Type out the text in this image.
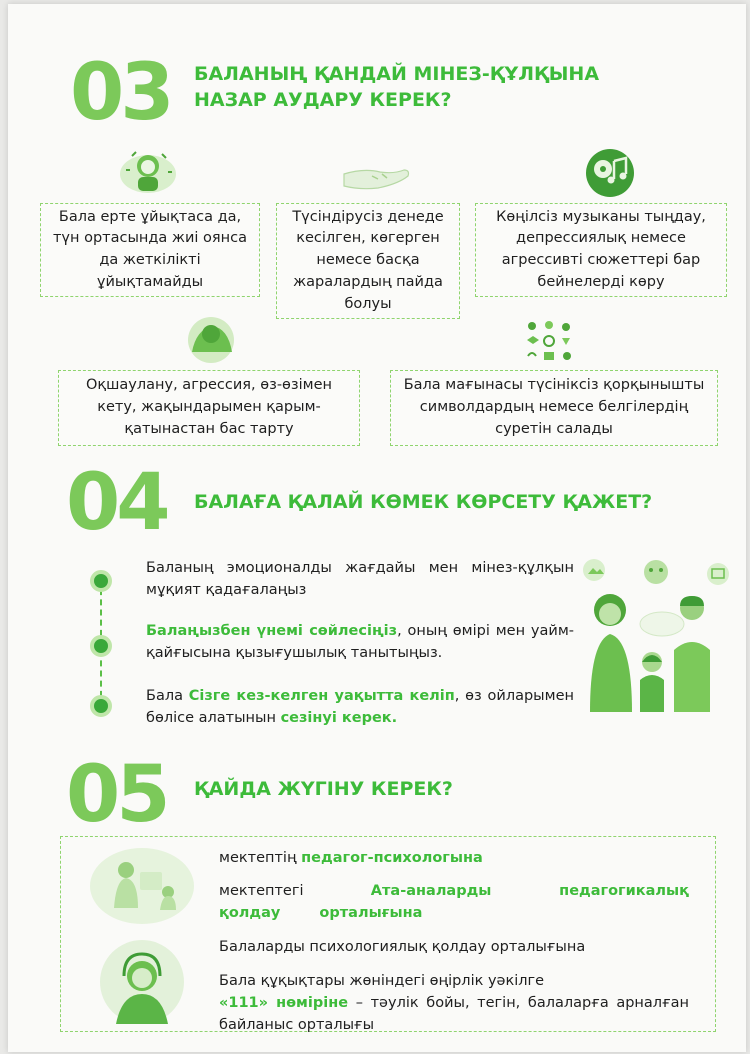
03 БАЛАНЫҢ ҚАНДАЙ МІНЕЗ-ҚҰЛҚЫНА
НАЗАР АУДАРУ КЕРЕК?
Бала ерте ұйықтаса да,
түн ортасында жиі оянса
да жеткілікті
ұйықтамайды
Түсіндірусіз денеде
кесілген, көгерген
немесе басқа
жаралардың пайда
болуы
Көңілсіз музыканы тыңдау,
депрессиялық немесе
агрессивті сюжеттері бар
бейнелерді көру
Оқшаулану, агрессия, өз-өзімен
кету, жақындарымен қарым-
қатынастан бас тарту
Бала мағынасы түсініксіз қорқынышты
символдардың немесе белгілердің
суретін салады
04 БАЛАҒА ҚАЛАЙ КӨМЕК КӨРСЕТУ ҚАЖЕТ?
Баланың эмоционалды жағдайы мен мінез-құлқын мұқият қадағалаңыз
Балаңызбен үнемі сөйлесіңіз, оның өмірі мен уайм-қайғысына қызығушылық танытыңыз.
Бала Сізге кез-келген уақытта келіп, өз ойларымен бөлісе алатынын сезінуі керек.
05 ҚАЙДА ЖҮГІНУ КЕРЕК?
мектептің педагог-психологына
мектептегі Ата-аналарды педагогикалық қолдау орталығына
Балаларды психологиялық қолдау орталығына
Бала құқықтары жөніндегі өңірлік уәкілге
«111» нөміріне – тәулік бойы, тегін, балаларға арналған байланыс орталығы
